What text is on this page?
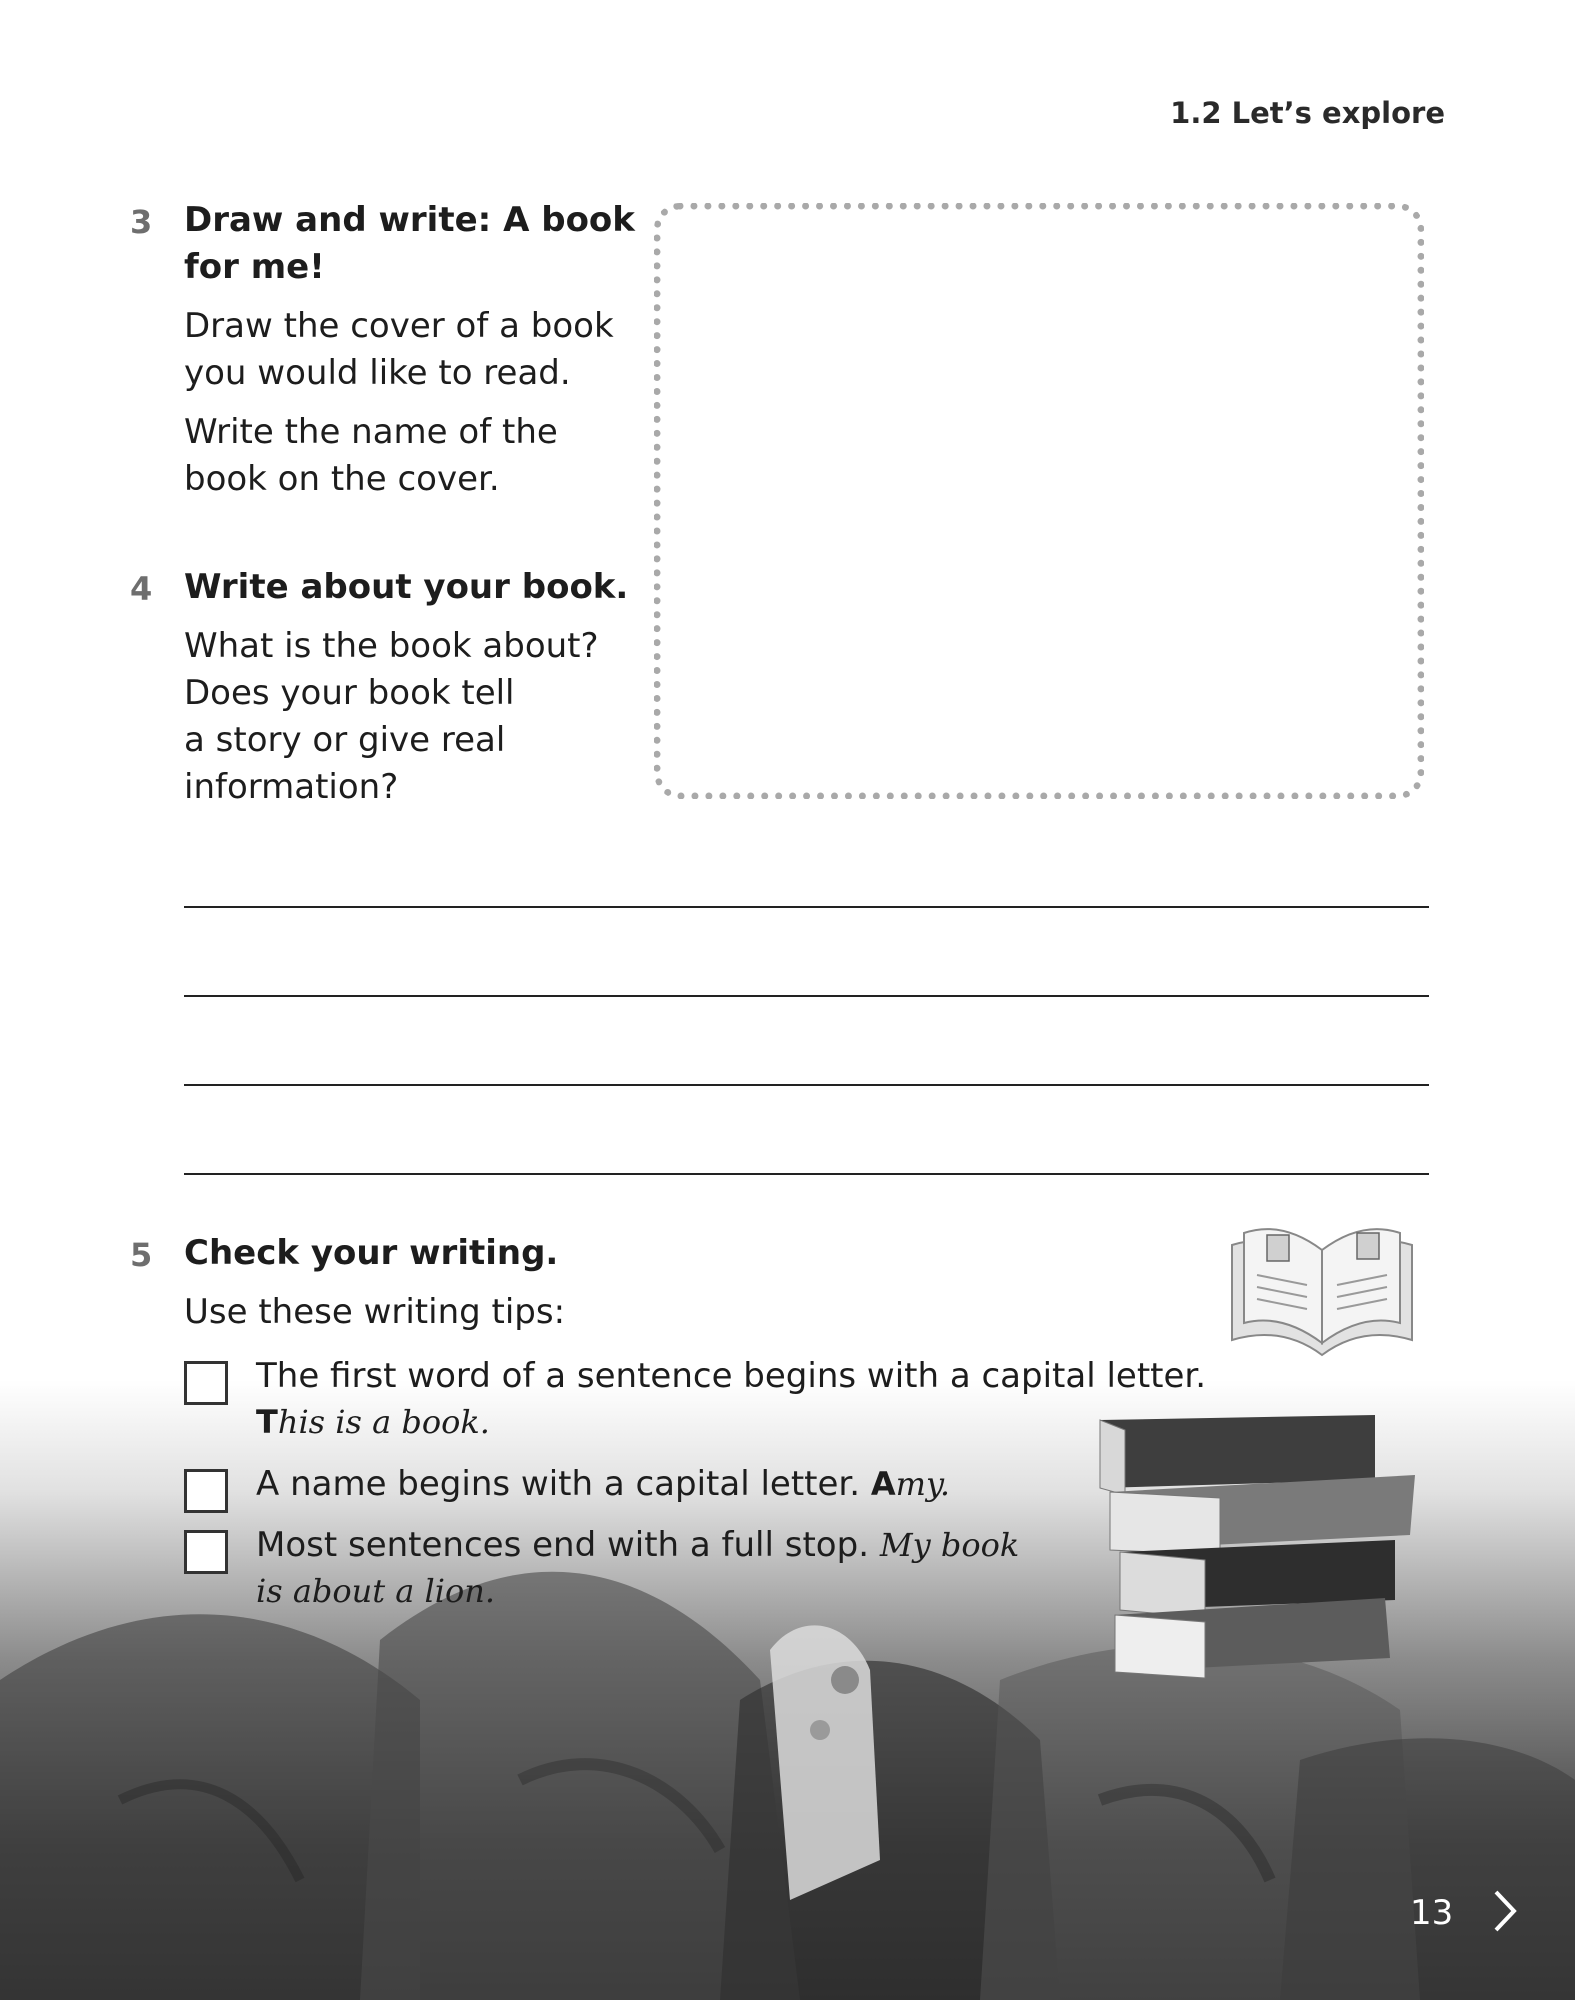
1.2 Let’s explore
3 Draw and write: A book
for me!
Draw the cover of a book
you would like to read.
Write the name of the
book on the cover.
4 Write about your book.
What is the book about?
Does your book tell
a story or give real
information?
5 Check your writing.
Use these writing tips:
The first word of a sentence begins with a capital letter.
This is a book.
A name begins with a capital letter. Amy.
Most sentences end with a full stop. My book
is about a lion.
13
